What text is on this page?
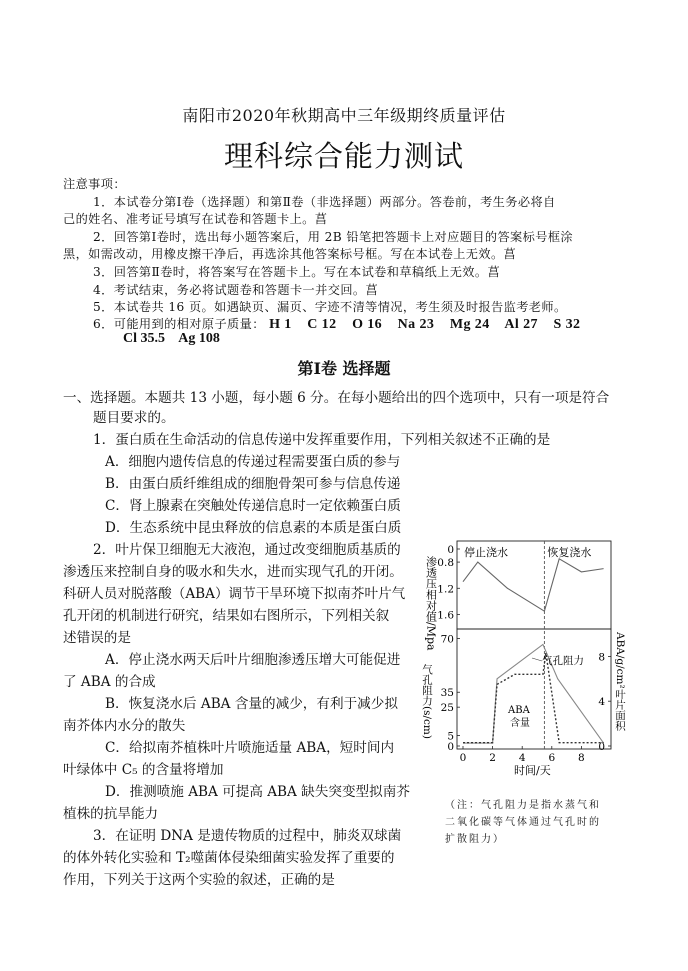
南阳市2020年秋期高中三年级期终质量评估
理科综合能力测试
注意事项：
1．本试卷分第Ⅰ卷（选择题）和第Ⅱ卷（非选择题）两部分。答卷前，考生务必将自
己的姓名、准考证号填写在试卷和答题卡上。菖
2．回答第Ⅰ卷时，选出每小题答案后，用 2B 铅笔把答题卡上对应题目的答案标号框涂
黑，如需改动，用橡皮擦干净后，再选涂其他答案标号框。写在本试卷上无效。菖
3．回答第Ⅱ卷时，将答案写在答题卡上。写在本试卷和草稿纸上无效。菖
4．考试结束，务必将试题卷和答题卡一并交回。菖
5．本试卷共 16 页。如遇缺页、漏页、字迹不清等情况，考生须及时报告监考老师。
6．可能用到的相对原子质量： H 1    C 12    O 16    Na 23    Mg 24    Al 27    S 32
Cl 35.5    Ag 108
第Ⅰ卷 选择题
一、选择题。本题共 13 小题，每小题 6 分。在每小题给出的四个选项中，只有一项是符合
题目要求的。
1．蛋白质在生命活动的信息传递中发挥重要作用，下列相关叙述不正确的是
A．细胞内遗传信息的传递过程需要蛋白质的参与
B．由蛋白质纤维组成的细胞骨架可参与信息传递
C．肾上腺素在突触处传递信息时一定依赖蛋白质
D．生态系统中昆虫释放的信息素的本质是蛋白质
2．叶片保卫细胞无大液泡，通过改变细胞质基质的
渗透压来控制自身的吸水和失水，进而实现气孔的开闭。
科研人员对脱落酸（ABA）调节干旱环境下拟南芥叶片气
孔开闭的机制进行研究，结果如右图所示，下列相关叙
述错误的是
A．停止浇水两天后叶片细胞渗透压增大可能促进
了 ABA 的合成
B．恢复浇水后 ABA 含量的减少，有利于减少拟
南芥体内水分的散失
C．给拟南芥植株叶片喷施适量 ABA，短时间内
叶绿体中 C₅ 的含量将增加
D．推测喷施 ABA 可提高 ABA 缺失突变型拟南芥
植株的抗旱能力
3．在证明 DNA 是遗传物质的过程中，肺炎双球菌
的体外转化实验和 T₂噬菌体侵染细菌实验发挥了重要的
作用，下列关于这两个实验的叙述，正确的是
停止浇水	恢复浇水
渗透压相对值/Mpa
0
0.8
1.2
1.6
0
5
25
35
70
0
4
8
0 2 4 6 8
气孔阻力
ABA
含量
气孔阻力(s/cm)	ABA/g/cm²叶片面积
时间/天
（注：气孔阻力是指水蒸气和
二氧化碳等气体通过气孔时的
扩散阻力）
